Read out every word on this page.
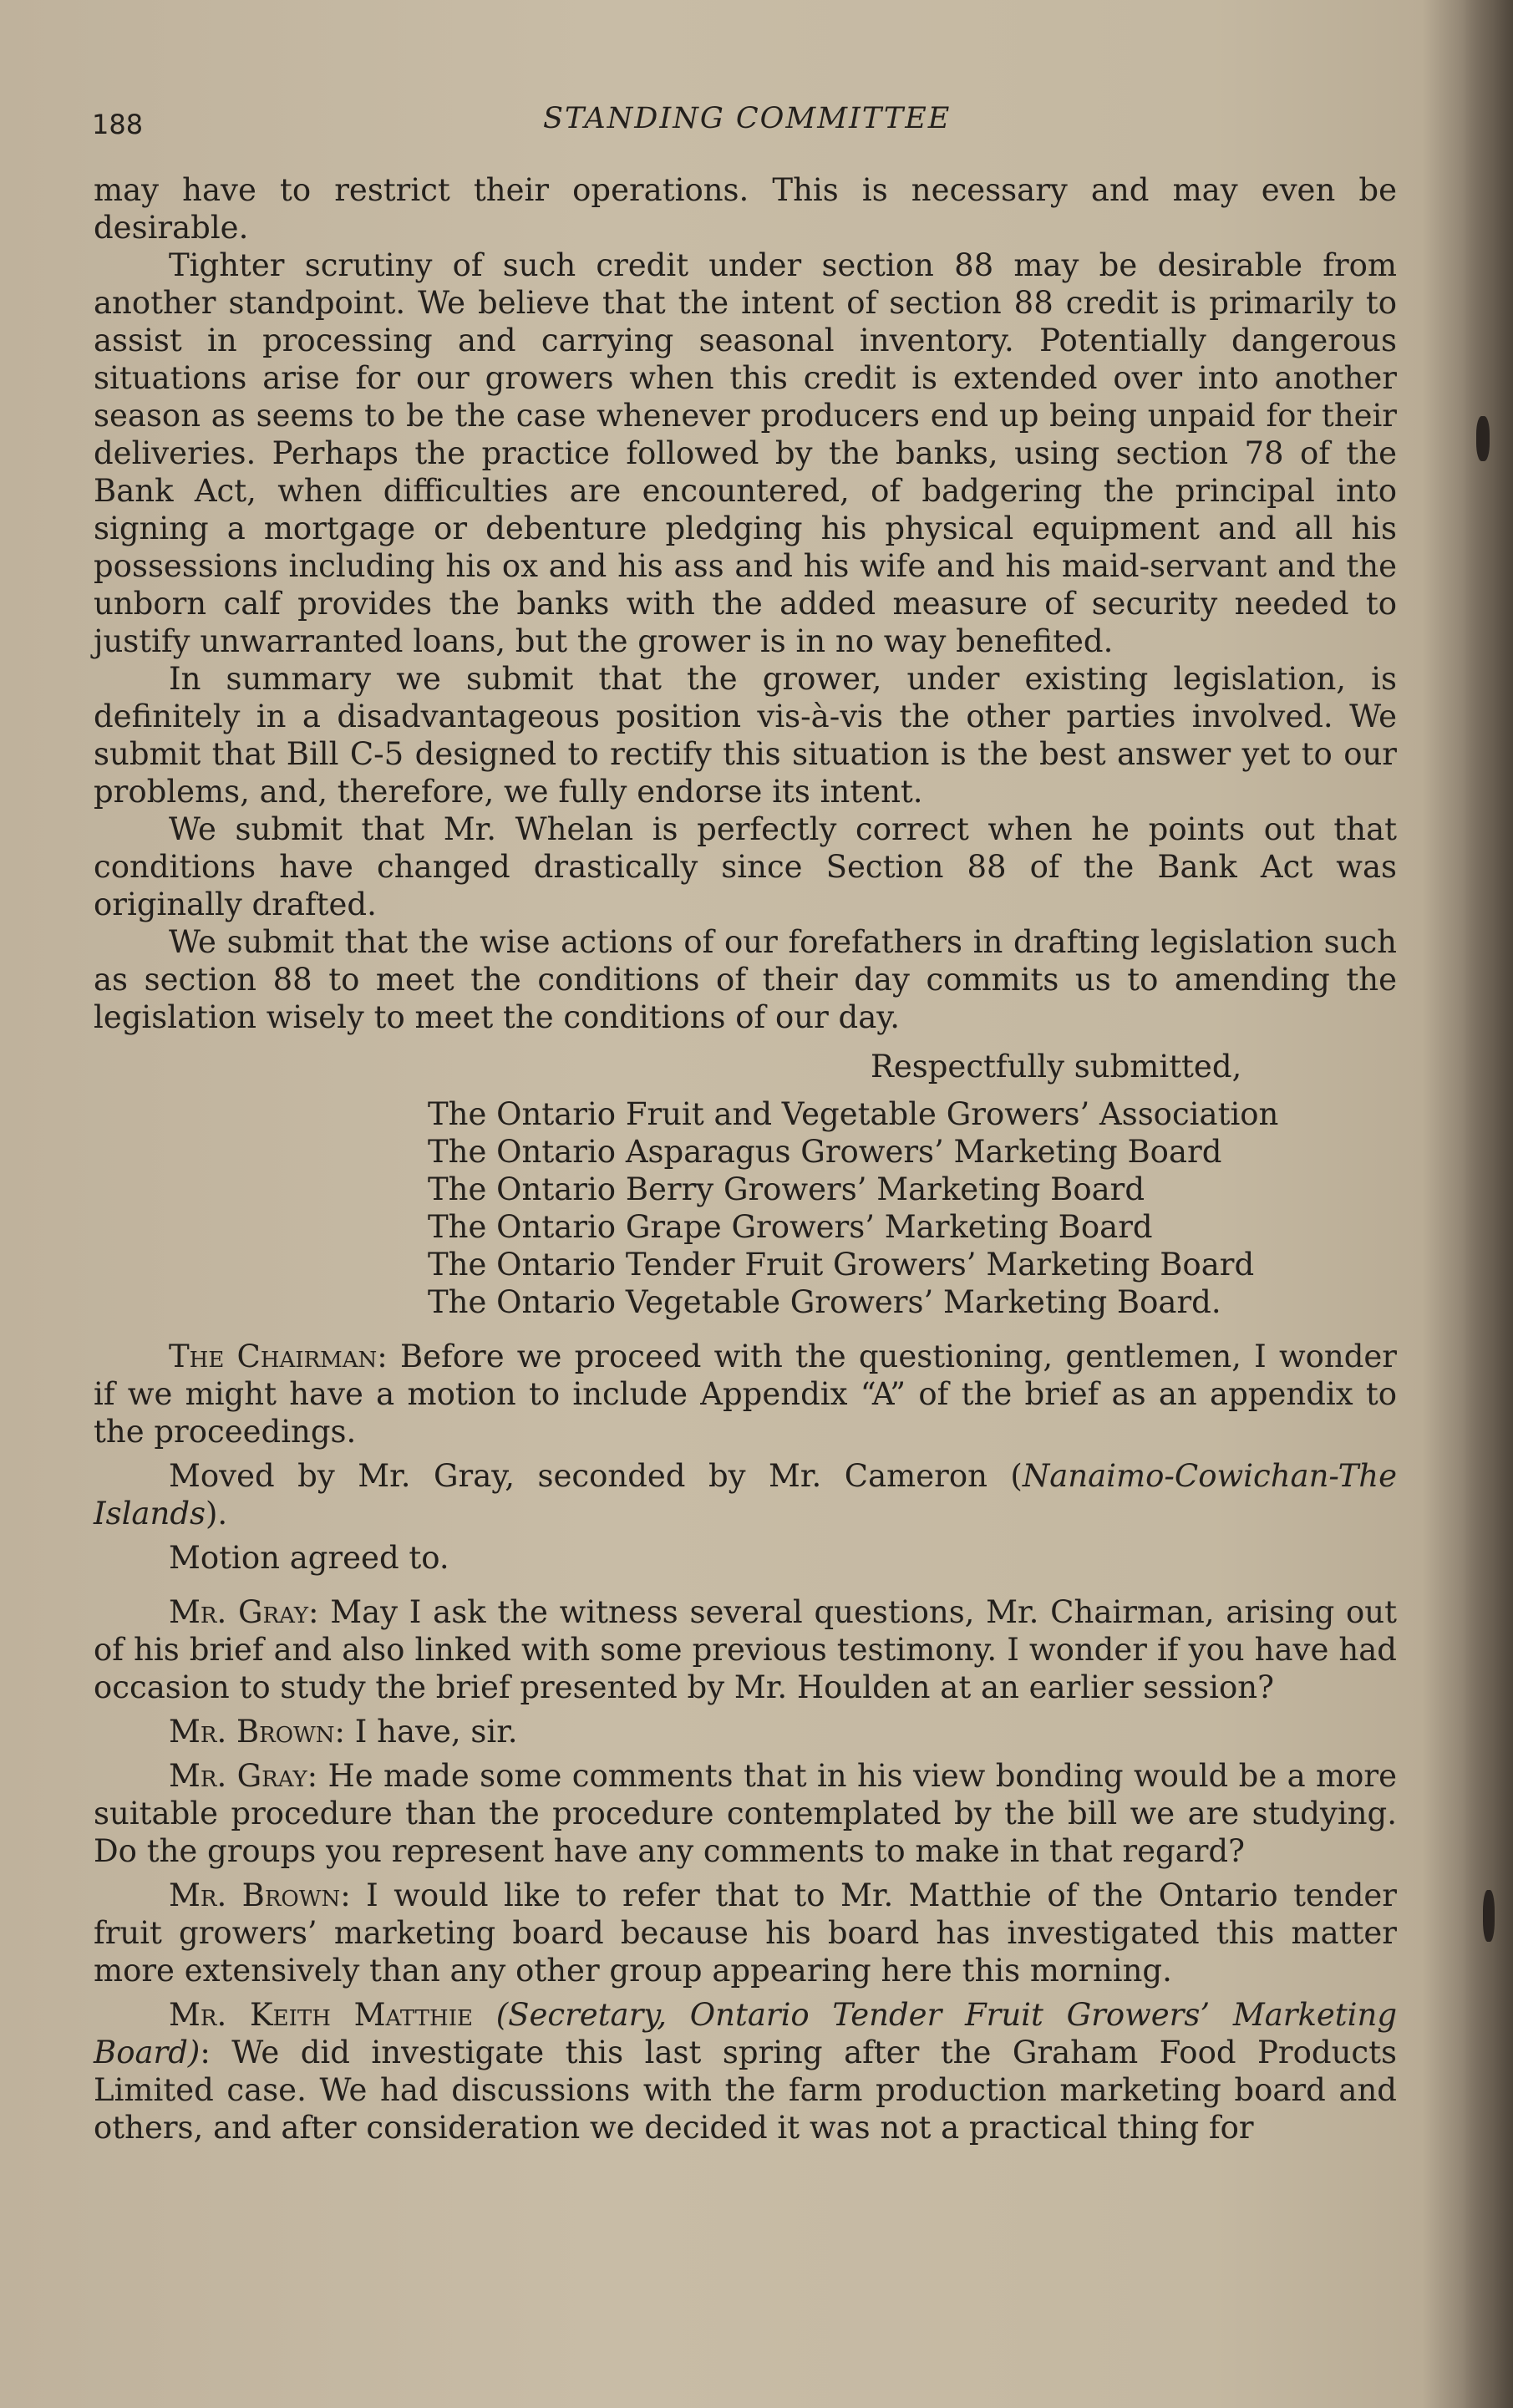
188	STANDING COMMITTEE

may have to restrict their operations. This is necessary and may even be desirable.

Tighter scrutiny of such credit under section 88 may be desirable from another standpoint. We believe that the intent of section 88 credit is primarily to assist in processing and carrying seasonal inventory. Potentially dangerous situations arise for our growers when this credit is extended over into another season as seems to be the case whenever producers end up being unpaid for their deliveries. Perhaps the practice followed by the banks, using section 78 of the Bank Act, when difficulties are encountered, of badgering the principal into signing a mortgage or debenture pledging his physical equipment and all his possessions including his ox and his ass and his wife and his maid-servant and the unborn calf provides the banks with the added measure of security needed to justify unwarranted loans, but the grower is in no way benefited.

In summary we submit that the grower, under existing legislation, is definitely in a disadvantageous position vis-à-vis the other parties involved. We submit that Bill C-5 designed to rectify this situation is the best answer yet to our problems, and, therefore, we fully endorse its intent.

We submit that Mr. Whelan is perfectly correct when he points out that conditions have changed drastically since Section 88 of the Bank Act was originally drafted.

We submit that the wise actions of our forefathers in drafting legislation such as section 88 to meet the conditions of their day commits us to amending the legislation wisely to meet the conditions of our day.

Respectfully submitted,

The Ontario Fruit and Vegetable Growers’ Association
The Ontario Asparagus Growers’ Marketing Board
The Ontario Berry Growers’ Marketing Board
The Ontario Grape Growers’ Marketing Board
The Ontario Tender Fruit Growers’ Marketing Board
The Ontario Vegetable Growers’ Marketing Board.

The Chairman: Before we proceed with the questioning, gentlemen, I wonder if we might have a motion to include Appendix “A” of the brief as an appendix to the proceedings.

Moved by Mr. Gray, seconded by Mr. Cameron (Nanaimo-Cowichan-The Islands).

Motion agreed to.

Mr. Gray: May I ask the witness several questions, Mr. Chairman, arising out of his brief and also linked with some previous testimony. I wonder if you have had occasion to study the brief presented by Mr. Houlden at an earlier session?

Mr. Brown: I have, sir.

Mr. Gray: He made some comments that in his view bonding would be a more suitable procedure than the procedure contemplated by the bill we are studying. Do the groups you represent have any comments to make in that regard?

Mr. Brown: I would like to refer that to Mr. Matthie of the Ontario tender fruit growers’ marketing board because his board has investigated this matter more extensively than any other group appearing here this morning.

Mr. Keith Matthie (Secretary, Ontario Tender Fruit Growers’ Marketing Board): We did investigate this last spring after the Graham Food Products Limited case. We had discussions with the farm production marketing board and others, and after consideration we decided it was not a practical thing for
